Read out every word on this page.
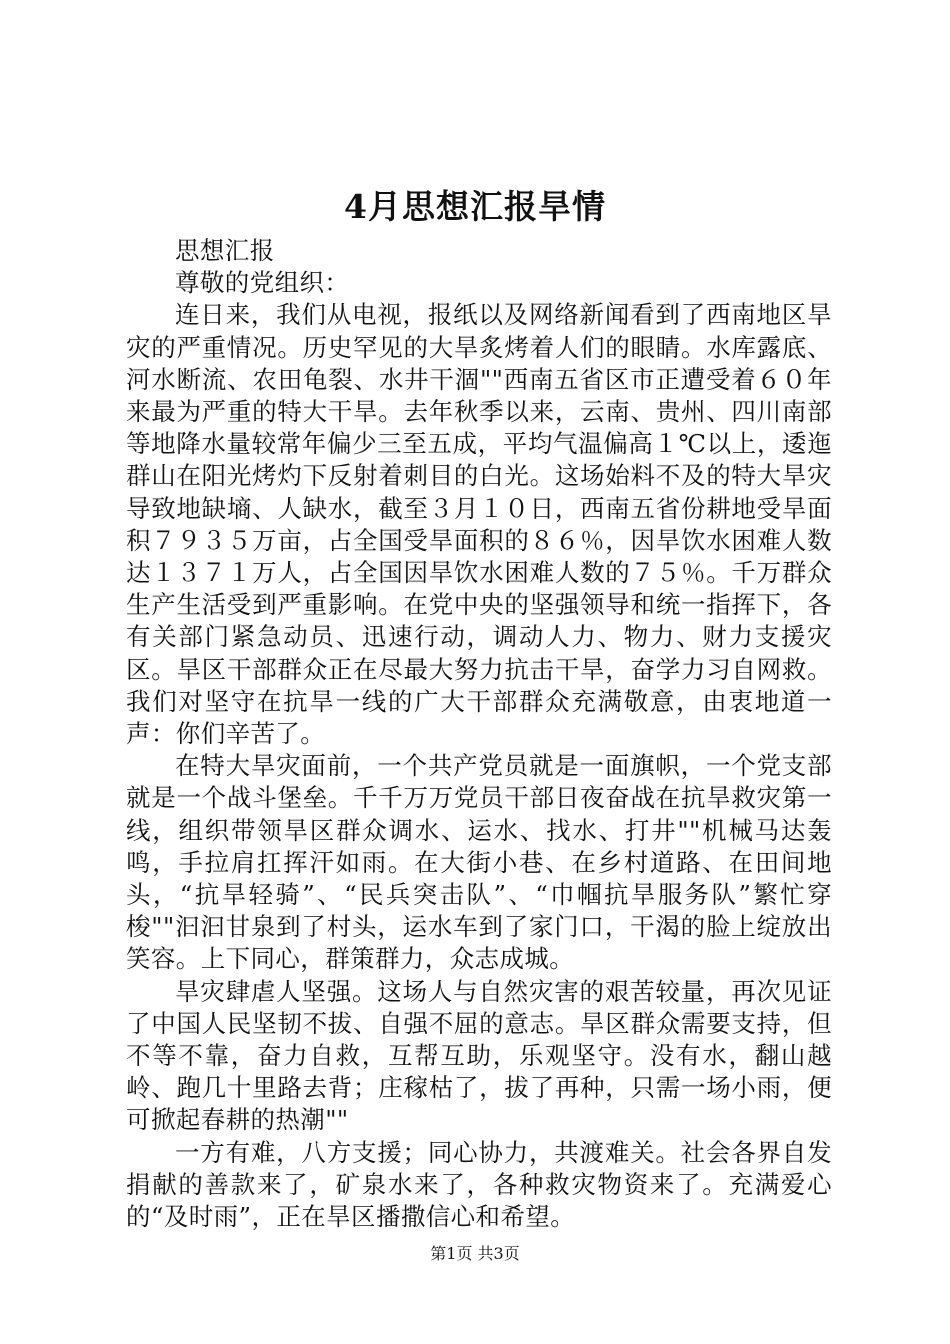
4月思想汇报旱情

思想汇报

尊敬的党组织：

连日来，我们从电视，报纸以及网络新闻看到了西南地区旱灾的严重情况。历史罕见的大旱炙烤着人们的眼睛。水库露底、河水断流、农田龟裂、水井干涸""西南五省区市正遭受着６０年来最为严重的特大干旱。去年秋季以来，云南、贵州、四川南部等地降水量较常年偏少三至五成，平均气温偏高１℃以上，逶迤群山在阳光烤灼下反射着刺目的白光。这场始料不及的特大旱灾导致地缺墒、人缺水，截至３月１０日，西南五省份耕地受旱面积７９３５万亩，占全国受旱面积的８６％，因旱饮水困难人数达１３７１万人，占全国因旱饮水困难人数的７５％。千万群众生产生活受到严重影响。在党中央的坚强领导和统一指挥下，各有关部门紧急动员、迅速行动，调动人力、物力、财力支援灾区。旱区干部群众正在尽最大努力抗击干旱，奋学力习自网救。我们对坚守在抗旱一线的广大干部群众充满敬意，由衷地道一声：你们辛苦了。

在特大旱灾面前，一个共产党员就是一面旗帜，一个党支部就是一个战斗堡垒。千千万万党员干部日夜奋战在抗旱救灾第一线，组织带领旱区群众调水、运水、找水、打井""机械马达轰鸣，手拉肩扛挥汗如雨。在大街小巷、在乡村道路、在田间地头，“抗旱轻骑”、“民兵突击队”、“巾帼抗旱服务队”繁忙穿梭""汩汩甘泉到了村头，运水车到了家门口，干渴的脸上绽放出笑容。上下同心，群策群力，众志成城。

旱灾肆虐人坚强。这场人与自然灾害的艰苦较量，再次见证了中国人民坚韧不拔、自强不屈的意志。旱区群众需要支持，但不等不靠，奋力自救，互帮互助，乐观坚守。没有水，翻山越岭、跑几十里路去背；庄稼枯了，拔了再种，只需一场小雨，便可掀起春耕的热潮""

一方有难，八方支援；同心协力，共渡难关。社会各界自发捐献的善款来了，矿泉水来了，各种救灾物资来了。充满爱心的“及时雨”，正在旱区播撒信心和希望。

第1页 共3页
